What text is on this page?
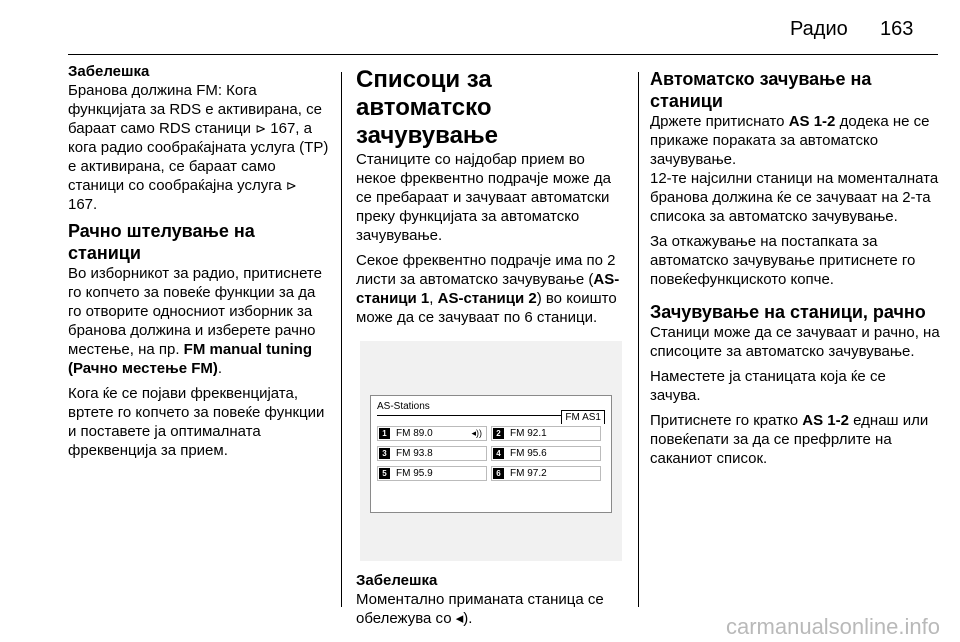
Радио 163
Забелешка

Бранова должина FM: Кога функцијата за RDS е активирана, се бараат само RDS станици ⊳ 167, а кога радио сообраќајната услуга (TP) е активирана, се бараат само станици со сообраќајна услуга ⊳ 167.

Рачно штелување на станици

Во изборникот за радио, притиснете го копчето за повеќе функции за да го отворите односниот изборник за бранова должина и изберете рачно местење, на пр. FM manual tuning (Рачно местење FM).

Кога ќе се појави фреквенцијата, вртете го копчето за повеќе функции и поставете ја оптималната фреквенција за прием.

Списоци за автоматско зачувување

Станиците со најдобар прием во некое фреквентно подрачје може да се пребараат и зачуваат автоматски преку функцијата за автоматско зачувување.

Секое фреквентно подрачје има по 2 листи за автоматско зачувување (AS-станици 1, AS-станици 2) во коишто може да се зачуваат по 6 станици.

AS-Stations
FM AS1
1 FM 89.0	◂))	2 FM 92.1
3 FM 93.8	4 FM 95.6
5 FM 95.9	6 FM 97.2
Забелешка

Моментално приманата станица се обележува со ◂).

Автоматско зачување на станици

Држете притиснато AS 1-2 додека не се прикаже поракатa за автоматско зачувување.
12-те најсилни станици на моменталната бранова должина ќе се зачуваат на 2-та списока за автоматско зачувување.

За откажување на постапката за автоматско зачувување притиснете го повеќефункциското копче.

Зачувување на станици, рачно

Станици може да се зачуваат и рачно, на списоците за автоматско зачувување.

Наместете ја станицата која ќе се зачува.

Притиснете го кратко AS 1-2 еднаш или повеќепати за да се префрлите на сакaниот список.

carmanualsonline.info
